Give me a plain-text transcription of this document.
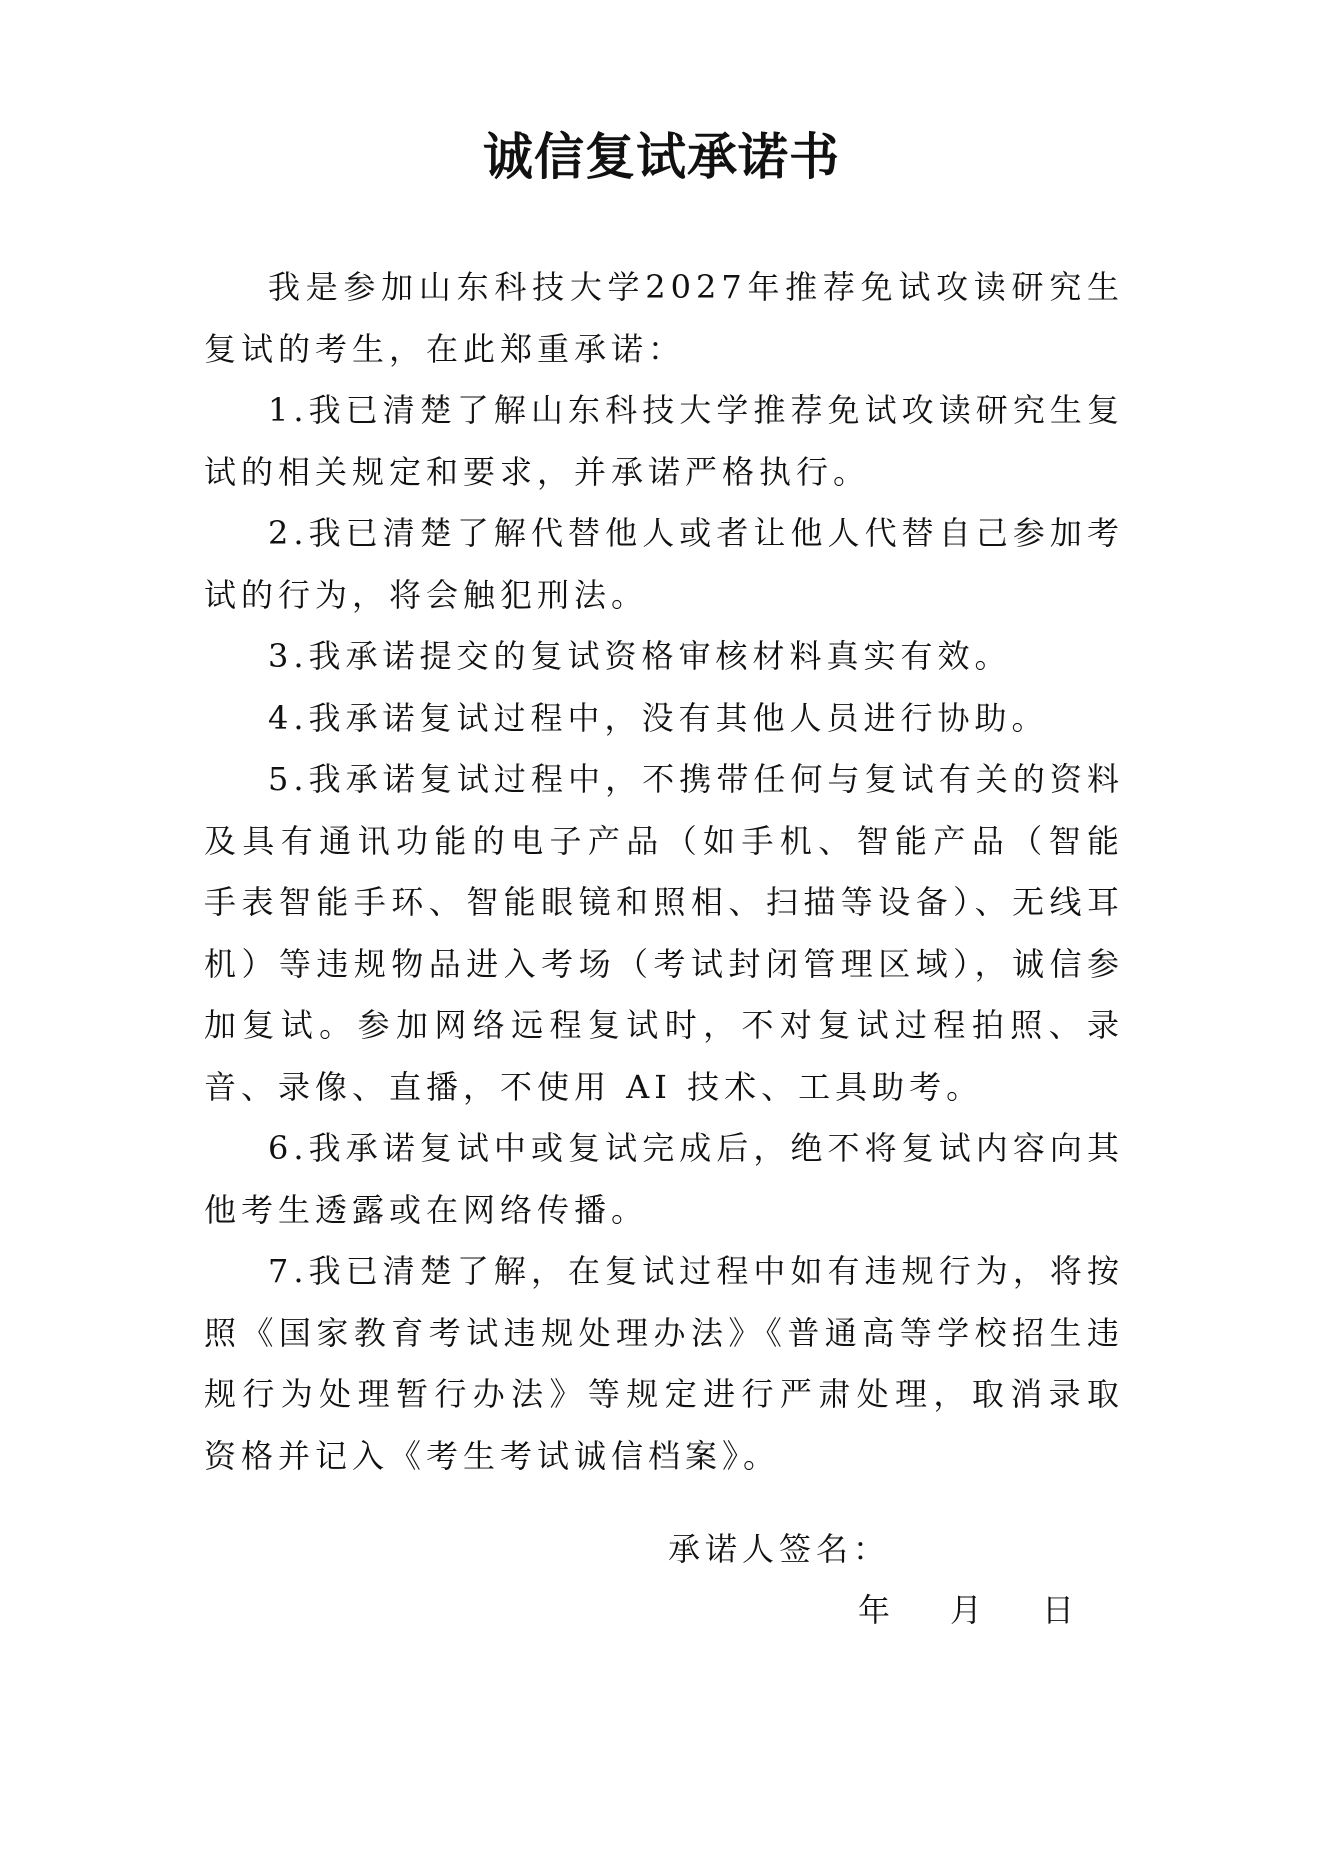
诚信复试承诺书

我是参加山东科技大学2027年推荐免试攻读研究生复试的考生，在此郑重承诺：

1.我已清楚了解山东科技大学推荐免试攻读研究生复试的相关规定和要求，并承诺严格执行。

2.我已清楚了解代替他人或者让他人代替自己参加考试的行为，将会触犯刑法。

3.我承诺提交的复试资格审核材料真实有效。

4.我承诺复试过程中，没有其他人员进行协助。

5.我承诺复试过程中，不携带任何与复试有关的资料及具有通讯功能的电子产品（如手机、智能产品（智能手表智能手环、智能眼镜和照相、扫描等设备）、无线耳机）等违规物品进入考场（考试封闭管理区域），诚信参加复试。参加网络远程复试时，不对复试过程拍照、录音、录像、直播，不使用 AI 技术、工具助考。

6.我承诺复试中或复试完成后，绝不将复试内容向其他考生透露或在网络传播。

7.我已清楚了解，在复试过程中如有违规行为，将按照《国家教育考试违规处理办法》《普通高等学校招生违规行为处理暂行办法》等规定进行严肃处理，取消录取资格并记入《考生考试诚信档案》。

承诺人签名：

年 月 日
